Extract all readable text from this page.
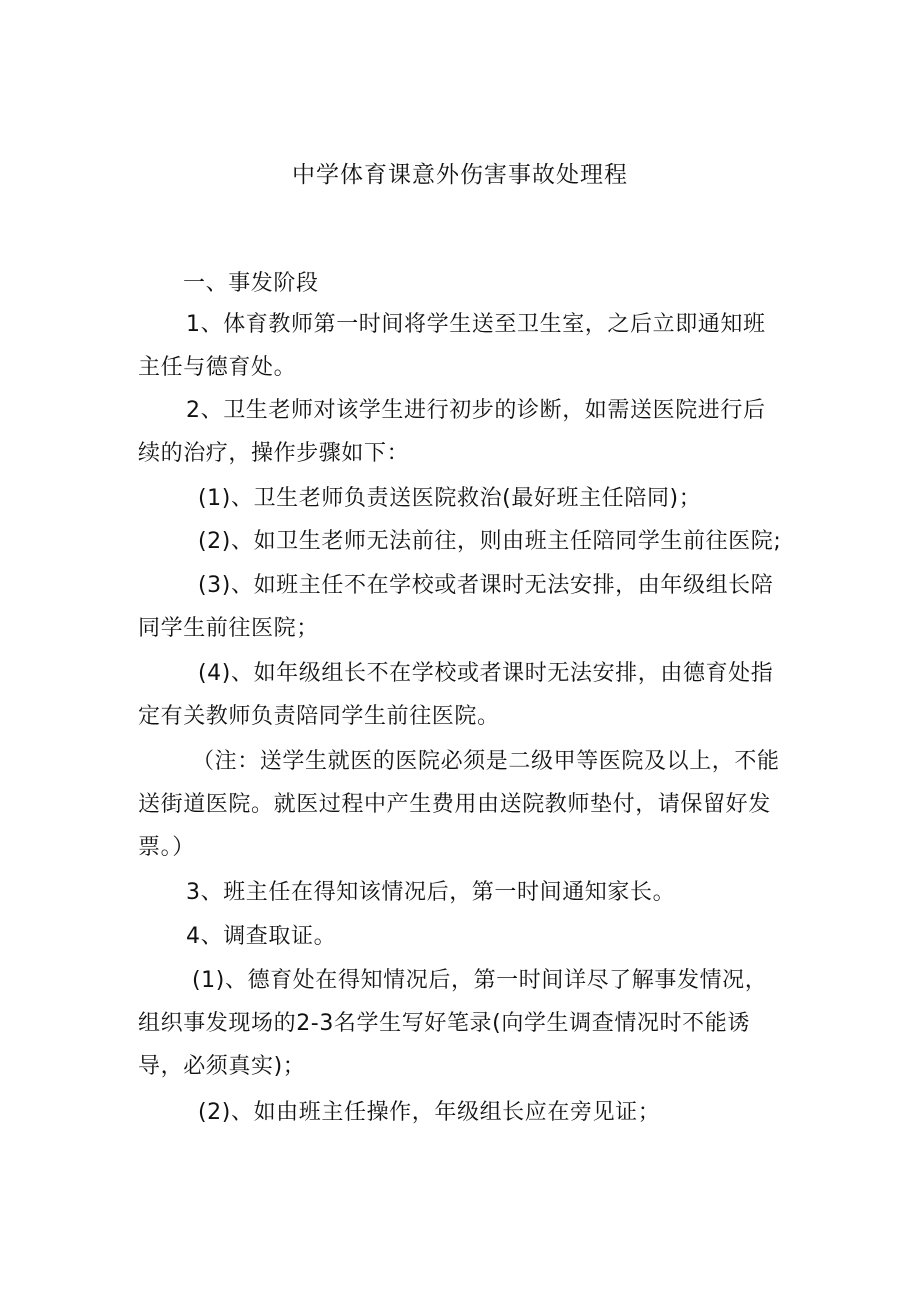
中学体育课意外伤害事故处理程
一、事发阶段
1、体育教师第一时间将学生送至卫生室，之后立即通知班
主任与德育处。
2、卫生老师对该学生进行初步的诊断，如需送医院进行后
续的治疗，操作步骤如下：
(1)、卫生老师负责送医院救治(最好班主任陪同)；
(2)、如卫生老师无法前往，则由班主任陪同学生前往医院;
(3)、如班主任不在学校或者课时无法安排，由年级组长陪
同学生前往医院；
(4)、如年级组长不在学校或者课时无法安排，由德育处指
定有关教师负责陪同学生前往医院。
（注：送学生就医的医院必须是二级甲等医院及以上，不能
送街道医院。就医过程中产生费用由送院教师垫付，请保留好发
票。）
3、班主任在得知该情况后，第一时间通知家长。
4、调查取证。
(1)、德育处在得知情况后，第一时间详尽了解事发情况，
组织事发现场的2-3名学生写好笔录(向学生调查情况时不能诱
导，必须真实)；
(2)、如由班主任操作，年级组长应在旁见证；
